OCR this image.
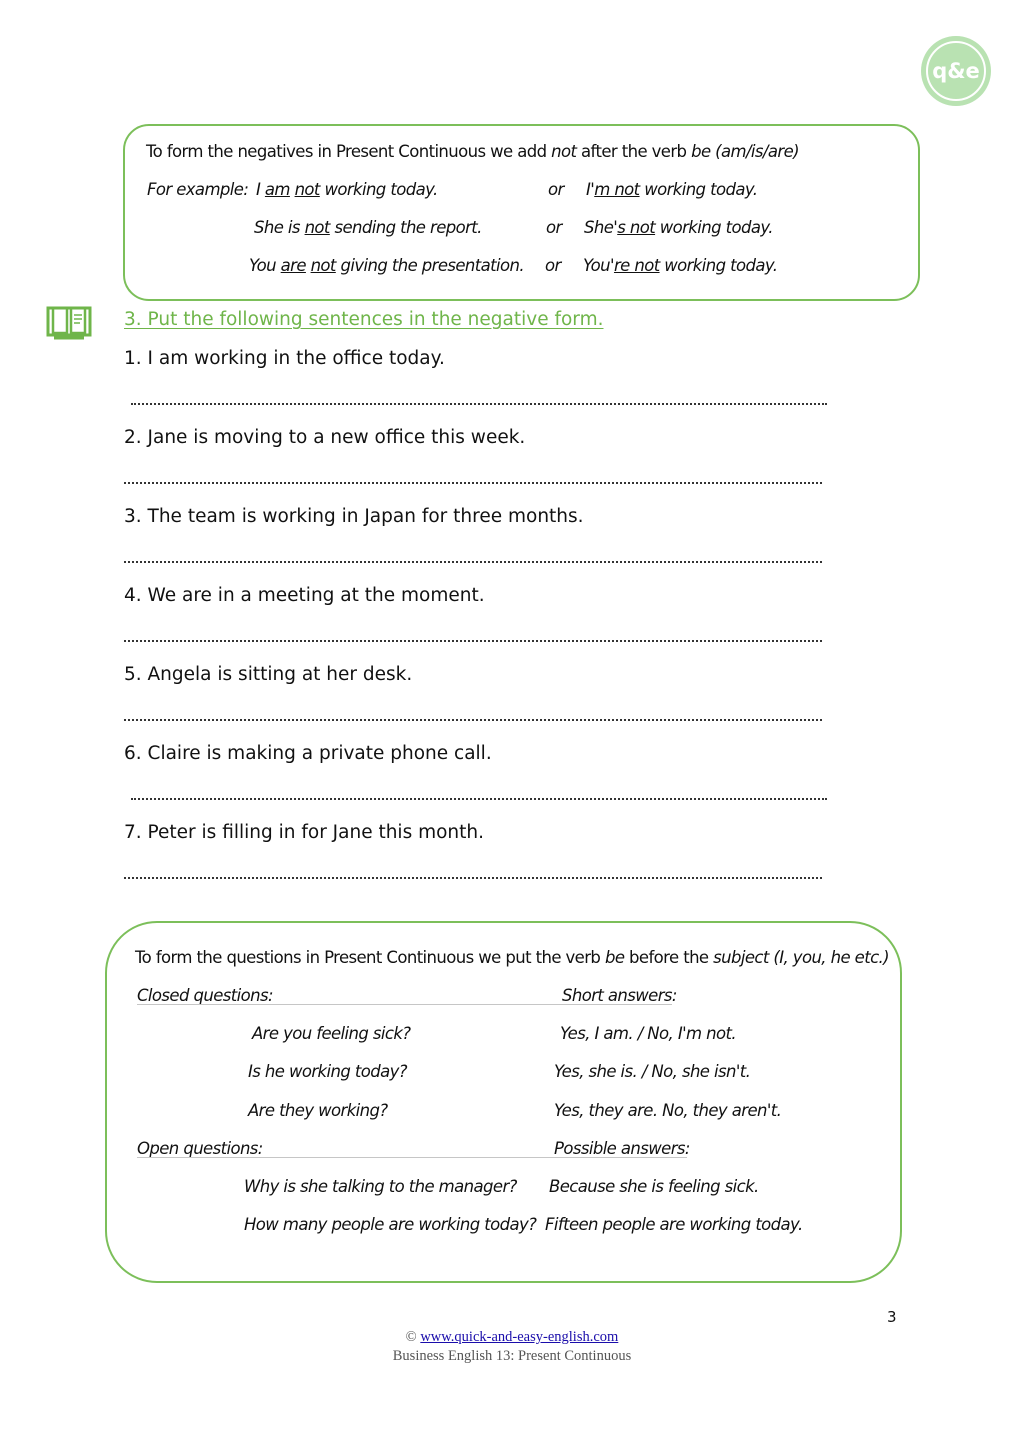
q&e
To form the negatives in Present Continuous we add not after the verb be (am/is/are)
For example: I am not working today.	or I'm not working today.
She is not sending the report.	or She's not working today.
You are not giving the presentation. or You're not working today.
3. Put the following sentences in the negative form.
1. I am working in the office today.
2. Jane is moving to a new office this week.
3. The team is working in Japan for three months.
4. We are in a meeting at the moment.
5. Angela is sitting at her desk.
6. Claire is making a private phone call.
7. Peter is filling in for Jane this month.
To form the questions in Present Continuous we put the verb be before the subject (I, you, he etc.)
Closed questions:	Short answers:
Are you feeling sick?	Yes, I am. / No, I'm not.
Is he working today?	Yes, she is. / No, she isn't.
Are they working?	Yes, they are. No, they aren't.
Open questions:	Possible answers:
Why is she talking to the manager? Because she is feeling sick.
How many people are working today? Fifteen people are working today.
3
© www.quick-and-easy-english.com
Business English 13: Present Continuous
